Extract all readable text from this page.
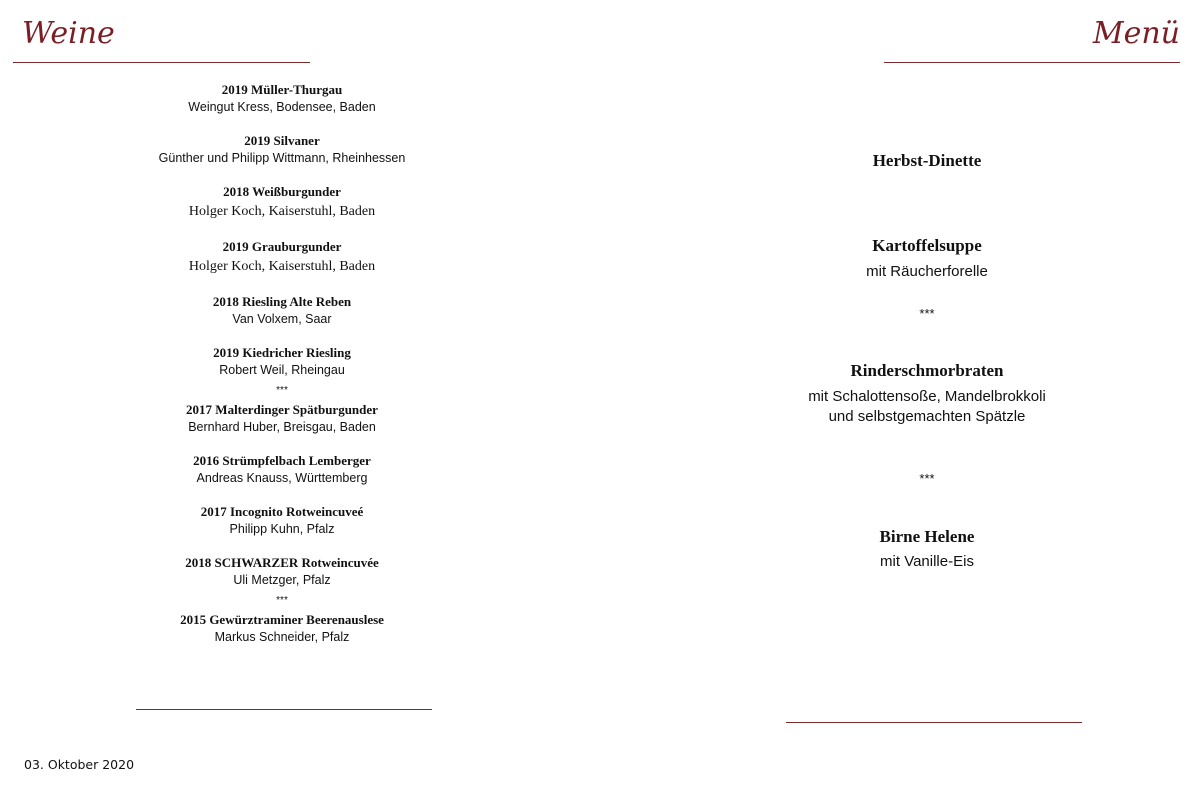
Weine	Menü
2019 Müller-Thurgau
Weingut Kress, Bodensee, Baden
2019 Silvaner
Günther und Philipp Wittmann, Rheinhessen
2018 Weißburgunder
Holger Koch, Kaiserstuhl, Baden
2019 Grauburgunder
Holger Koch, Kaiserstuhl, Baden
2018 Riesling Alte Reben
Van Volxem, Saar
2019 Kiedricher Riesling
Robert Weil, Rheingau
***
2017 Malterdinger Spätburgunder
Bernhard Huber, Breisgau, Baden
2016 Strümpfelbach Lemberger
Andreas Knauss, Württemberg
2017 Incognito Rotweincuveé
Philipp Kuhn, Pfalz
2018 SCHWARZER Rotweincuvée
Uli Metzger, Pfalz
***
2015 Gewürztraminer Beerenauslese
Markus Schneider, Pfalz
Herbst-Dinette
Kartoffelsuppe
mit Räucherforelle
***
Rinderschmorbraten
mit Schalottensoße, Mandelbrokkoli
und selbstgemachten Spätzle
***
Birne Helene
mit Vanille-Eis
03. Oktober 2020
